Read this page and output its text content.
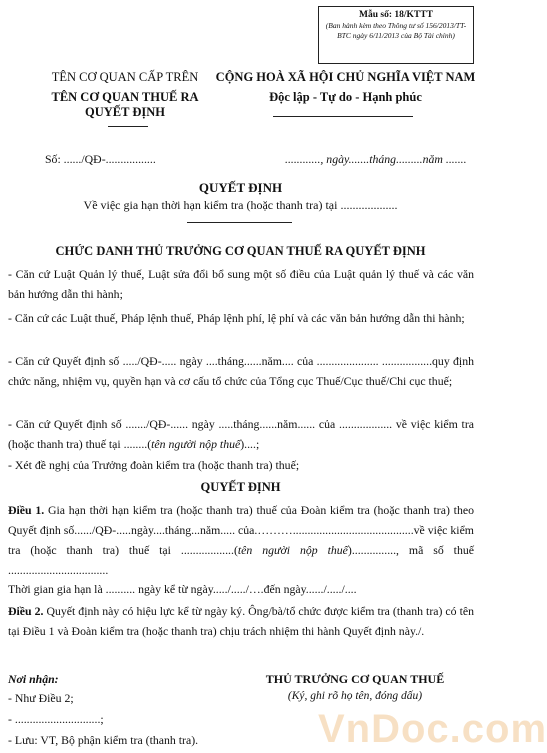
Mẫu số: 18/KTTT
(Ban hành kèm theo Thông tư số 156/2013/TT-BTC ngày 6/11/2013 của Bộ Tài chính)
TÊN CƠ QUAN CẤP TRÊN
TÊN CƠ QUAN THUẾ RA
QUYẾT ĐỊNH
CỘNG HOÀ XÃ HỘI CHỦ NGHĨA VIỆT NAM
Độc lập - Tự do - Hạnh phúc
Số: ....../QĐ-.................	............, ngày.......tháng.........năm .......
QUYẾT ĐỊNH
Về việc gia hạn thời hạn kiểm tra (hoặc thanh tra) tại ...................
CHỨC DANH THỦ TRƯỞNG CƠ QUAN THUẾ RA QUYẾT ĐỊNH
- Căn cứ Luật Quản lý thuế, Luật sửa đổi bổ sung một số điều của Luật quản lý thuế và các văn bản hướng dẫn thi hành;
- Căn cứ các Luật thuế, Pháp lệnh thuế, Pháp lệnh phí, lệ phí và các văn bản hướng dẫn thi hành;
- Căn cứ Quyết định số ...../QĐ-..... ngày ....tháng......năm.... của ..................... .................quy định chức năng, nhiệm vụ, quyền hạn và cơ cấu tổ chức của Tổng cục Thuế/Cục thuế/Chi cục thuế;
- Căn cứ Quyết định số ......./QĐ-...... ngày .....tháng......năm...... của .................. về việc kiểm tra (hoặc thanh tra) thuế tại ........(tên người nộp thuế)....;
- Xét đề nghị của Trưởng đoàn kiểm tra (hoặc thanh tra) thuế;
QUYẾT ĐỊNH
Điều 1. Gia hạn thời hạn kiểm tra (hoặc thanh tra) thuế của Đoàn kiểm tra (hoặc thanh tra) theo Quyết định số....../QĐ-.....ngày....tháng...năm..... của.……….........................................về việc kiểm tra (hoặc thanh tra) thuế tại ..................(tên người nộp thuế)..............., mã số thuế ..................................
Thời gian gia hạn là .......... ngày kể từ ngày...../...../….đến ngày....../...../....
Điều 2. Quyết định này có hiệu lực kể từ ngày ký. Ông/bà/tổ chức được kiểm tra (thanh tra) có tên tại Điều 1 và Đoàn kiểm tra (hoặc thanh tra) chịu trách nhiệm thi hành Quyết định này./.
Nơi nhận:
- Như Điều 2;
- .............................;
- Lưu: VT, Bộ phận kiểm tra (thanh tra).	VnDoc.com
THỦ TRƯỞNG CƠ QUAN THUẾ
(Ký, ghi rõ họ tên, đóng dấu)
